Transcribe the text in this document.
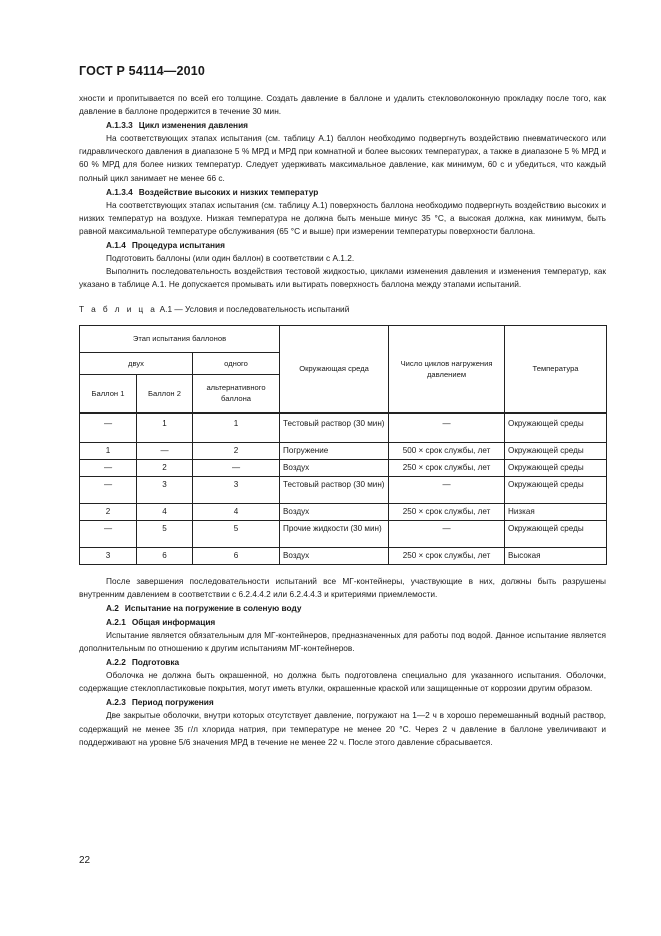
ГОСТ Р 54114—2010

хности и пропитывается по всей его толщине. Создать давление в баллоне и удалить стекловолоконную прокладку после того, как давление в баллоне продержится в течение 30 мин.

А.1.3.3 Цикл изменения давления

На соответствующих этапах испытания (см. таблицу А.1) баллон необходимо подвергнуть воздействию пневматического или гидравлического давления в диапазоне 5 % МРД и МРД при комнатной и более высоких температурах, а также в диапазоне 5 % МРД и 60 % МРД для более низких температур. Следует удерживать максимальное давление, как минимум, 60 с и убедиться, что каждый полный цикл занимает не менее 66 с.

А.1.3.4 Воздействие высоких и низких температур

На соответствующих этапах испытания (см. таблицу А.1) поверхность баллона необходимо подвергнуть воздействию высоких и низких температур на воздухе. Низкая температура не должна быть меньше минус 35 °С, а высокая должна, как минимум, быть равной максимальной температуре обслуживания (65 °С и выше) при измерении температуры поверхности баллона.

А.1.4 Процедура испытания

Подготовить баллоны (или один баллон) в соответствии с А.1.2.

Выполнить последовательность воздействия тестовой жидкостью, циклами изменения давления и изменения температур, как указано в таблице А.1. Не допускается промывать или вытирать поверхность баллона между этапами испытаний.

Т а б л и ц а А.1 — Условия и последовательность испытаний

Этап испытания баллонов			Окружающая среда	Число циклов нагружения давлением	Температура
двух		одного			
Баллон 1	Баллон 2	альтернативного баллона			
—	1	1	Тестовый раствор (30 мин)	—	Окружающей среды
1	—	2	Погружение	500 × срок службы, лет	Окружающей среды
—	2	—	Воздух	250 × срок службы, лет	Окружающей среды
—	3	3	Тестовый раствор (30 мин)	—	Окружающей среды
2	4	4	Воздух	250 × срок службы, лет	Низкая
—	5	5	Прочие жидкости (30 мин)	—	Окружающей среды
3	6	6	Воздух	250 × срок службы, лет	Высокая

После завершения последовательности испытаний все МГ-контейнеры, участвующие в них, должны быть разрушены внутренним давлением в соответствии с 6.2.4.4.2 или 6.2.4.4.3 и критериями приемлемости.

А.2 Испытание на погружение в соленую воду

А.2.1 Общая информация

Испытание является обязательным для МГ-контейнеров, предназначенных для работы под водой. Данное испытание является дополнительным по отношению к другим испытаниям МГ-контейнеров.

А.2.2 Подготовка

Оболочка не должна быть окрашенной, но должна быть подготовлена специально для указанного испытания. Оболочки, содержащие стеклопластиковые покрытия, могут иметь втулки, окрашенные краской или защищенные от коррозии другим образом.

А.2.3 Период погружения

Две закрытые оболочки, внутри которых отсутствует давление, погружают на 1—2 ч в хорошо перемешанный водный раствор, содержащий не менее 35 г/л хлорида натрия, при температуре не менее 20 °С. Через 2 ч давление в баллоне увеличивают и поддерживают на уровне 5/6 значения МРД в течение не менее 22 ч. После этого давление сбрасывается.

22
